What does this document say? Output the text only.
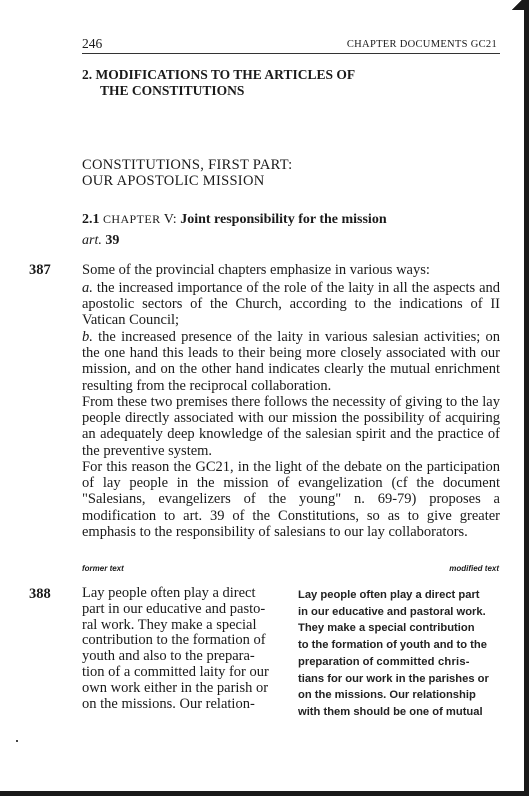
246	CHAPTER DOCUMENTS GC21
2. MODIFICATIONS TO THE ARTICLES OF
THE CONSTITUTIONS
CONSTITUTIONS, FIRST PART:
OUR APOSTOLIC MISSION
2.1 CHAPTER V: Joint responsibility for the mission
art. 39
387 Some of the provincial chapters emphasize in various ways:
a. the increased importance of the role of the laity in all the aspects and apostolic sectors of the Church, according to the indications of II Vatican Council;
b. the increased presence of the laity in various salesian activities; on the one hand this leads to their being more closely associated with our mission, and on the other hand indicates clearly the mutual enrichment resulting from the reciprocal collaboration.
From these two premises there follows the necessity of giving to the lay people directly associated with our mission the possibility of acquiring an adequately deep knowledge of the salesian spirit and the practice of the preventive system.
For this reason the GC21, in the light of the debate on the participation of lay people in the mission of evangelization (cf the document "Salesians, evangelizers of the young" n. 69-79) proposes a modification to art. 39 of the Constitutions, so as to give greater emphasis to the responsibility of salesians to our lay collaborators.
former text	modified text
388 Lay people often play a direct
part in our educative and pasto-
ral work. They make a special
contribution to the formation of
youth and also to the prepara-
tion of a committed laity for our
own work either in the parish or
on the missions. Our relation-
Lay people often play a direct part
in our educative and pastoral work.
They make a special contribution
to the formation of youth and to the
preparation of committed chris-
tians for our work in the parishes or
on the missions. Our relationship
with them should be one of mutual
